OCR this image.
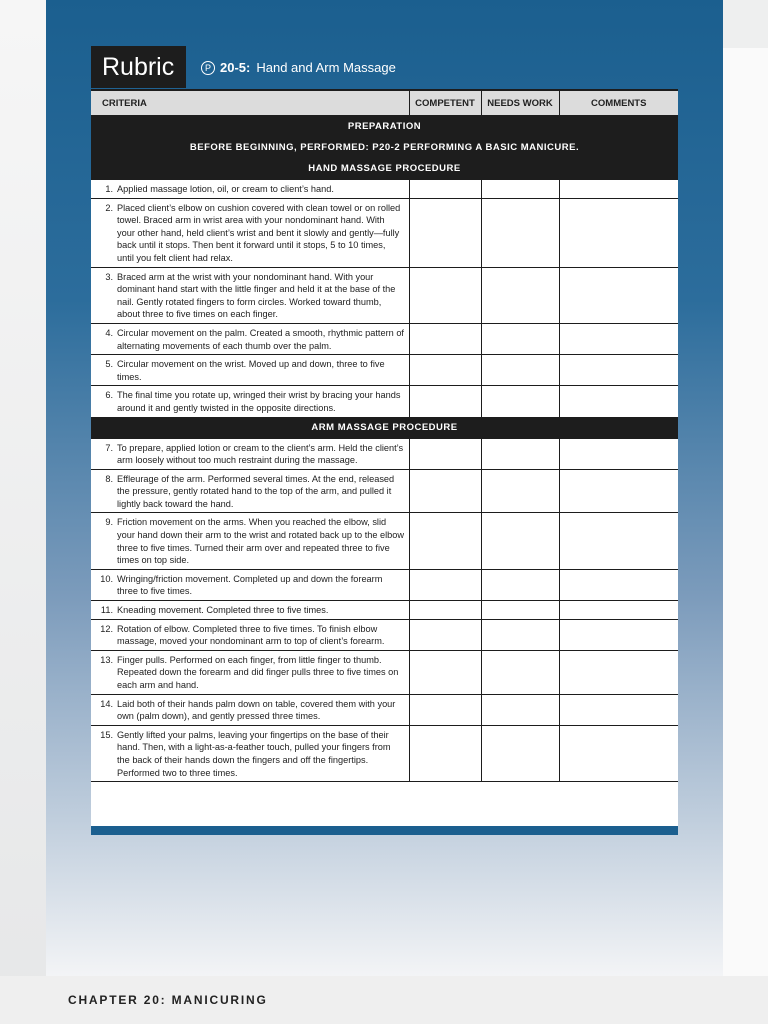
CHAPTER 20: MANICURING
Rubric	P 20-5: Hand and Arm Massage
CRITERIA	COMPETENT	NEEDS WORK	COMMENTS
PREPARATION			
BEFORE BEGINNING, PERFORMED: P20-2 PERFORMING A BASIC MANICURE.			
HAND MASSAGE PROCEDURE			

1. Applied massage lotion, oil, or cream to client’s hand.			

2. Placed client’s elbow on cushion covered with clean towel or on rolled towel. Braced arm in wrist area with your nondominant hand. With your other hand, held client’s wrist and bent it slowly and gently—fully back until it stops. Then bent it forward until it stops, 5 to 10 times, until you felt client had relax.			

3. Braced arm at the wrist with your nondominant hand. With your dominant hand start with the little finger and held it at the base of the nail. Gently rotated fingers to form circles. Worked toward thumb, about three to five times on each finger.			

4. Circular movement on the palm. Created a smooth, rhythmic pattern of alternating movements of each thumb over the palm.			

5. Circular movement on the wrist. Moved up and down, three to five times.			

6. The final time you rotate up, wringed their wrist by bracing your hands around it and gently twisted in the opposite directions.			

ARM MASSAGE PROCEDURE			

7. To prepare, applied lotion or cream to the client’s arm. Held the client’s arm loosely without too much restraint during the massage.			

8. Effleurage of the arm. Performed several times. At the end, released the pressure, gently rotated hand to the top of the arm, and pulled it lightly back toward the hand.			

9. Friction movement on the arms. When you reached the elbow, slid your hand down their arm to the wrist and rotated back up to the elbow three to five times. Turned their arm over and repeated three to five times on top side.			

10. Wringing/friction movement. Completed up and down the forearm three to five times.			

11. Kneading movement. Completed three to five times.			

12. Rotation of elbow. Completed three to five times. To finish elbow massage, moved your nondominant arm to top of client’s forearm.			

13. Finger pulls. Performed on each finger, from little finger to thumb. Repeated down the forearm and did finger pulls three to five times on each arm and hand.			

14. Laid both of their hands palm down on table, covered them with your own (palm down), and gently pressed three times.			

15. Gently lifted your palms, leaving your fingertips on the base of their hand. Then, with a light-as-a-feather touch, pulled your fingers from the back of their hands down the fingers and off the fingertips. Performed two to three times.			
